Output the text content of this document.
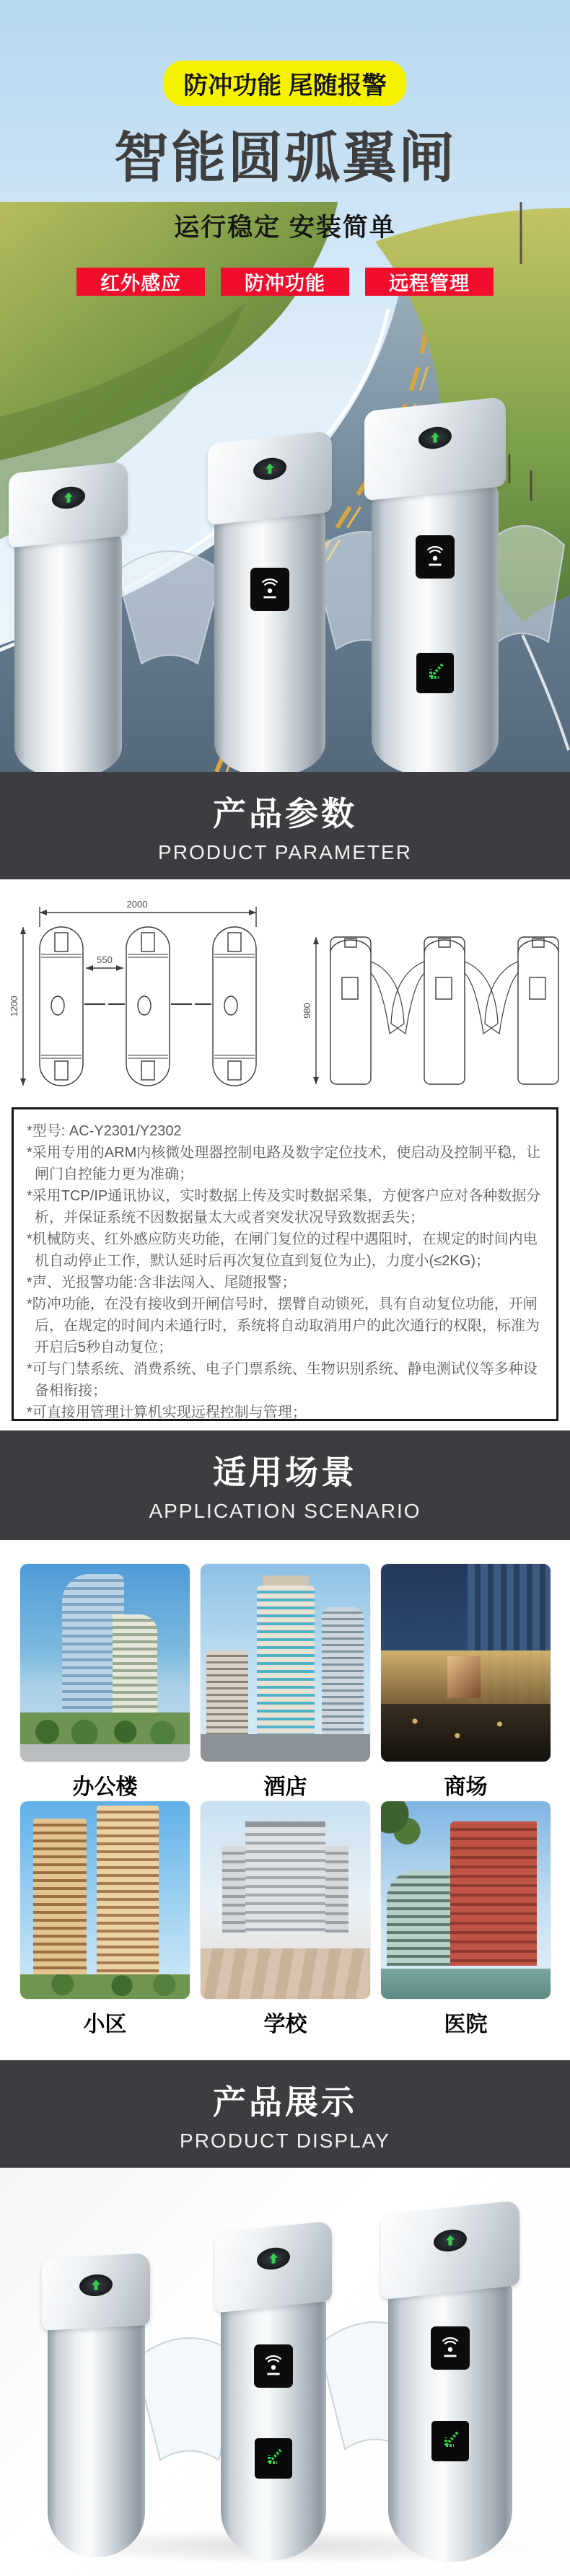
防冲功能 尾随报警
智能圆弧翼闸
运行稳定 安装简单
红外感应	防冲功能	远程管理
产品参数
PRODUCT PARAMETER
2000
1200
550
980
*型号: AC-Y2301/Y2302
*采用专用的ARM内核微处理器控制电路及数字定位技术，使启动及控制平稳，让闸门自控能力更为准确；
*采用TCP/IP通讯协议，实时数据上传及实时数据采集，方便客户应对各种数据分析，并保证系统不因数据量太大或者突发状况导致数据丢失；
*机械防夹、红外感应防夹功能，在闸门复位的过程中遇阻时，在规定的时间内电机自动停止工作，默认延时后再次复位直到复位为止)，力度小(≤2KG)；
*声、光报警功能:含非法闯入、尾随报警；
*防冲功能，在没有接收到开闸信号时，摆臂自动锁死，具有自动复位功能，开闸后，在规定的时间内未通行时，系统将自动取消用户的此次通行的权限，标准为开启后5秒自动复位；
*可与门禁系统、消费系统、电子门票系统、生物识别系统、静电测试仪等多种设备相衔接；
*可直接用管理计算机实现远程控制与管理；
适用场景
APPLICATION SCENARIO
办公楼	酒店	商场
小区	学校	医院
产品展示
PRODUCT DISPLAY
